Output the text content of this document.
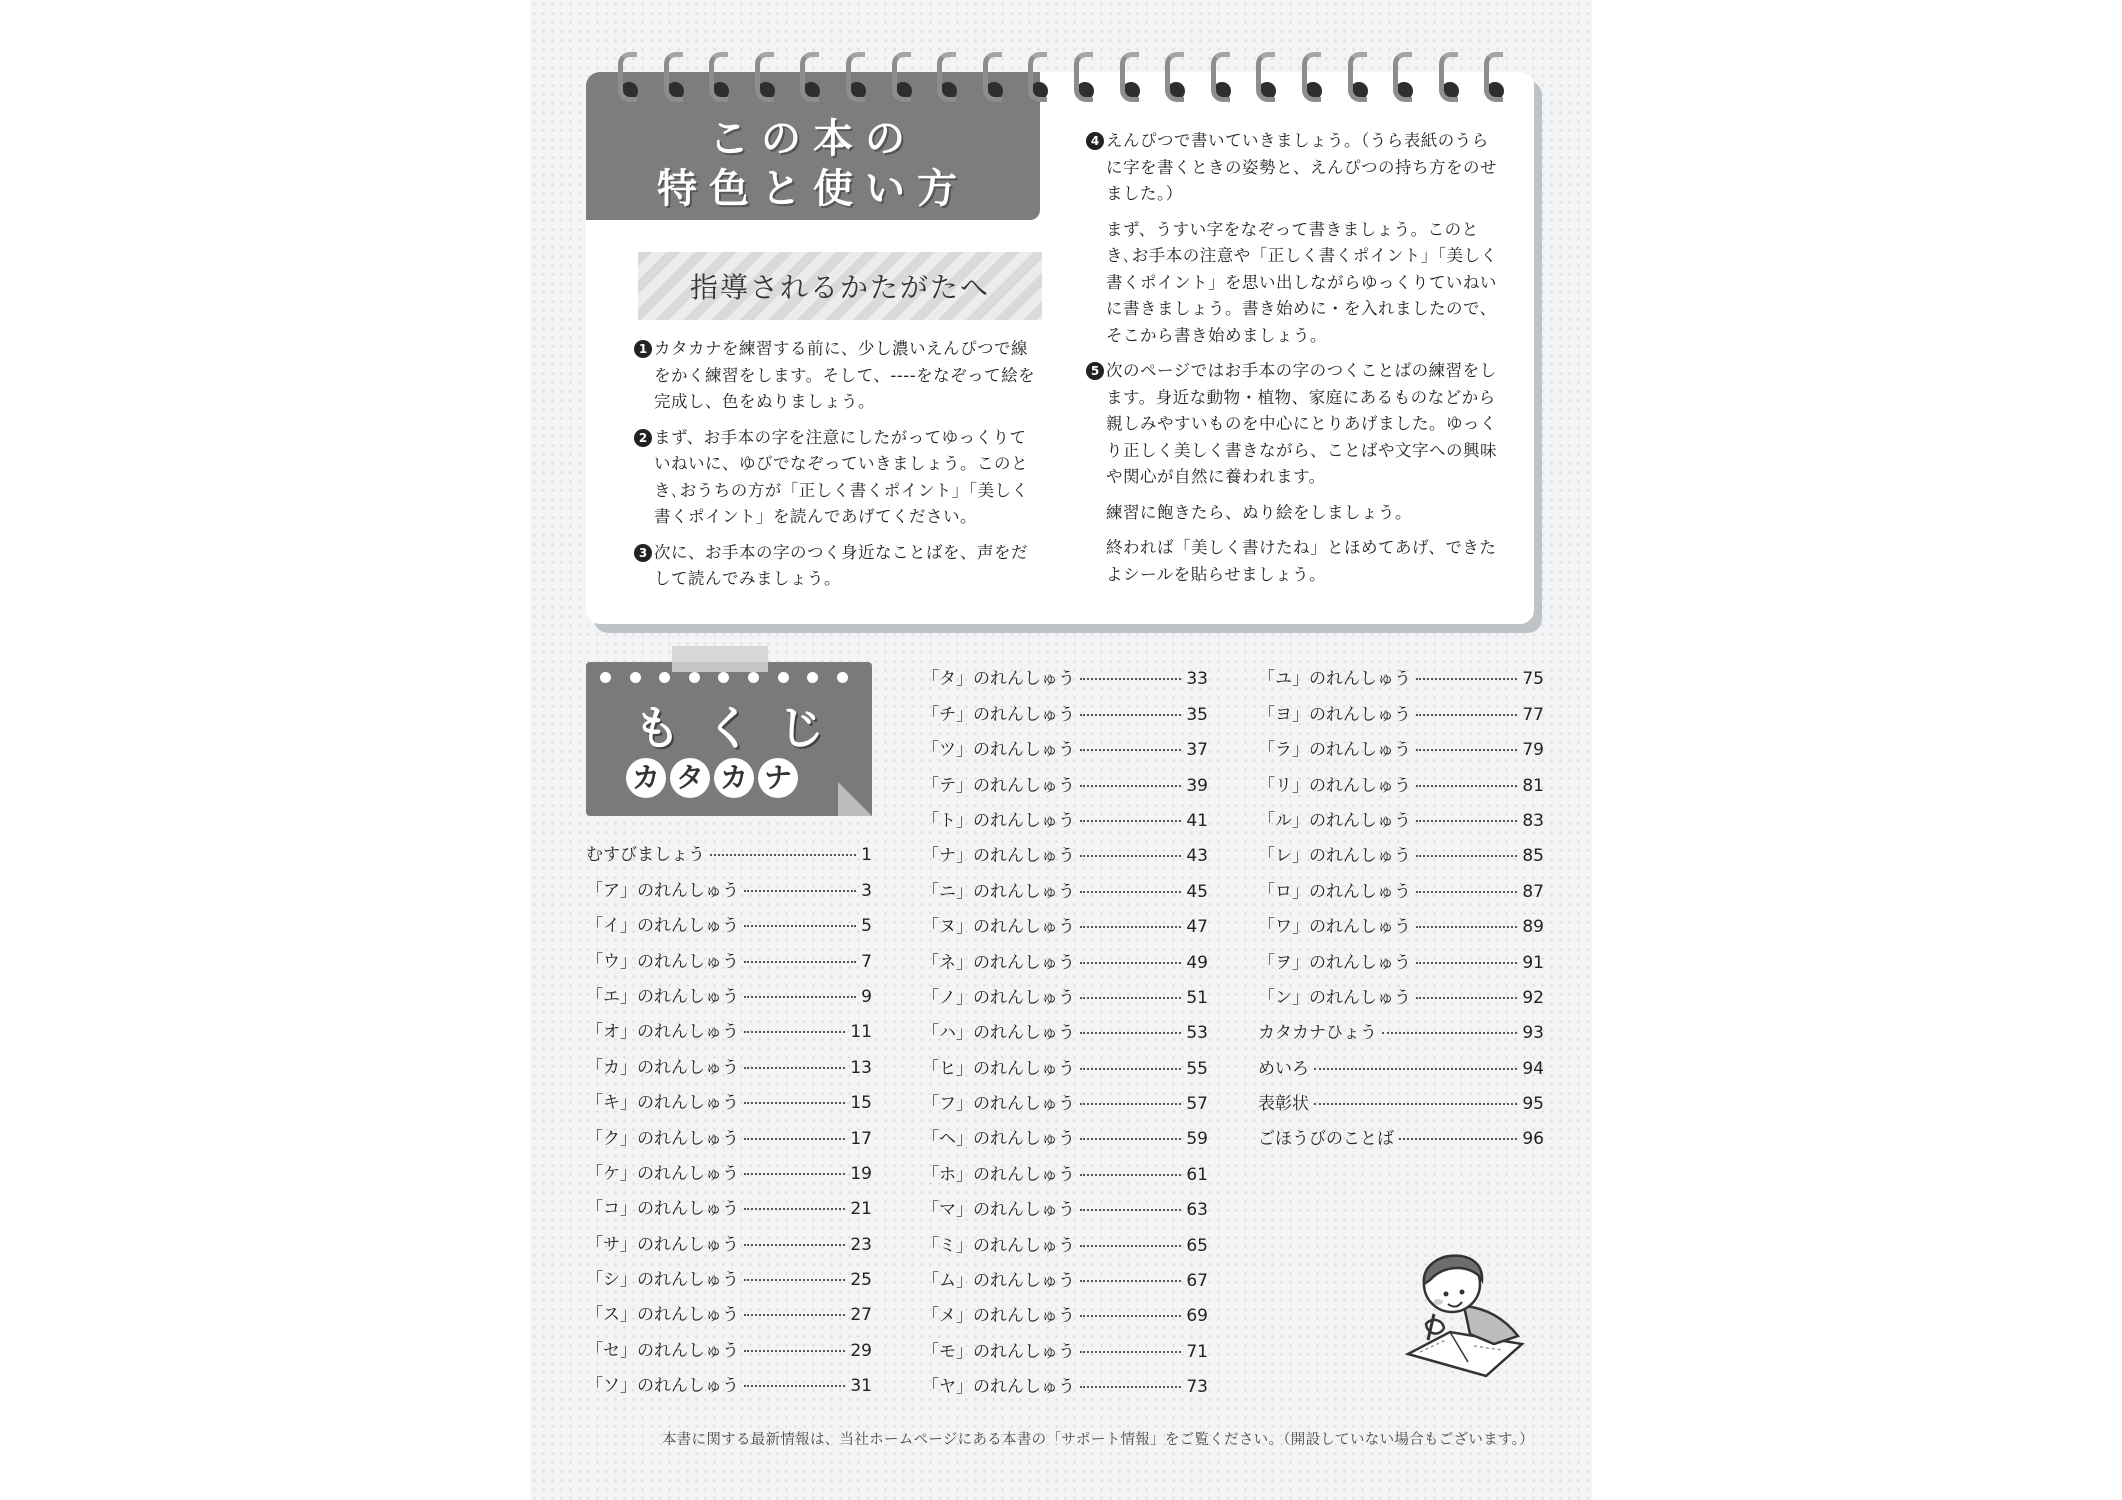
この本の
特色と使い方
指導されるかたがたへ
1 カタカナを練習する前に、少し濃いえんぴつで線をかく練習をします。そして、----をなぞって絵を完成し、色をぬりましょう。
2 まず、お手本の字を注意にしたがってゆっくりていねいに、ゆびでなぞっていきましょう。このとき､おうちの方が「正しく書くポイント」「美しく書くポイント」を読んであげてください。
3 次に、お手本の字のつく身近なことばを、声をだして読んでみましょう。
4 えんぴつで書いていきましょう。（うら表紙のうらに字を書くときの姿勢と、えんぴつの持ち方をのせました。）
まず、うすい字をなぞって書きましょう。このとき､お手本の注意や「正しく書くポイント」「美しく書くポイント」を思い出しながらゆっくりていねいに書きましょう。書き始めに・を入れましたので、そこから書き始めましょう。
5 次のページではお手本の字のつくことばの練習をします。身近な動物・植物、家庭にあるものなどから親しみやすいものを中心にとりあげました。ゆっくり正しく美しく書きながら、ことばや文字への興味や関心が自然に養われます。
練習に飽きたら、ぬり絵をしましょう。
終われば「美しく書けたね」とほめてあげ、できたよシールを貼らせましょう。
もくじ
カ タ カ ナ
むすびましょう	1
「ア」のれんしゅう	3
「イ」のれんしゅう	5
「ウ」のれんしゅう	7
「エ」のれんしゅう	9
「オ」のれんしゅう	11
「カ」のれんしゅう	13
「キ」のれんしゅう	15
「ク」のれんしゅう	17
「ケ」のれんしゅう	19
「コ」のれんしゅう	21
「サ」のれんしゅう	23
「シ」のれんしゅう	25
「ス」のれんしゅう	27
「セ」のれんしゅう	29
「ソ」のれんしゅう	31
「タ」のれんしゅう	33
「チ」のれんしゅう	35
「ツ」のれんしゅう	37
「テ」のれんしゅう	39
「ト」のれんしゅう	41
「ナ」のれんしゅう	43
「ニ」のれんしゅう	45
「ヌ」のれんしゅう	47
「ネ」のれんしゅう	49
「ノ」のれんしゅう	51
「ハ」のれんしゅう	53
「ヒ」のれんしゅう	55
「フ」のれんしゅう	57
「ヘ」のれんしゅう	59
「ホ」のれんしゅう	61
「マ」のれんしゅう	63
「ミ」のれんしゅう	65
「ム」のれんしゅう	67
「メ」のれんしゅう	69
「モ」のれんしゅう	71
「ヤ」のれんしゅう	73
「ユ」のれんしゅう	75
「ヨ」のれんしゅう	77
「ラ」のれんしゅう	79
「リ」のれんしゅう	81
「ル」のれんしゅう	83
「レ」のれんしゅう	85
「ロ」のれんしゅう	87
「ワ」のれんしゅう	89
「ヲ」のれんしゅう	91
「ン」のれんしゅう	92
カタカナひょう	93
めいろ	94
表彰状	95
ごほうびのことば	96
本書に関する最新情報は、当社ホームページにある本書の「サポート情報」をご覧ください。（開設していない場合もございます。）
